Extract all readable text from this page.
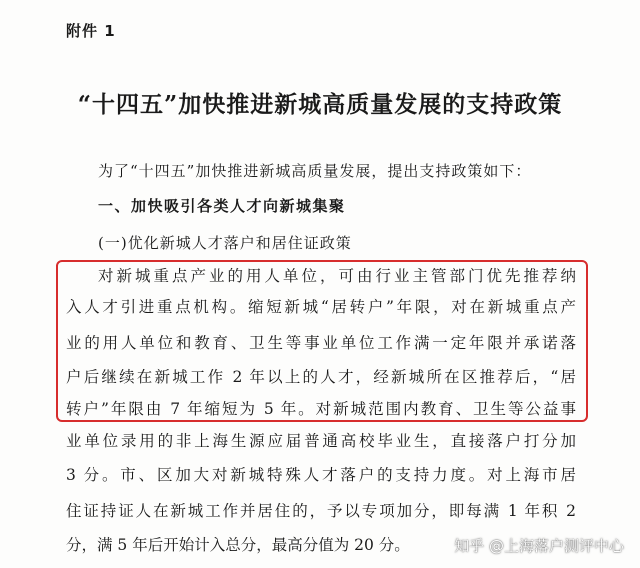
附件 1
“十四五”加快推进新城高质量发展的支持政策
为了“十四五”加快推进新城高质量发展，提出支持政策如下：
一、加快吸引各类人才向新城集聚
(一)优化新城人才落户和居住证政策
对新城重点产业的用人单位，可由行业主管部门优先推荐纳
入人才引进重点机构。缩短新城“居转户”年限，对在新城重点产
业的用人单位和教育、卫生等事业单位工作满一定年限并承诺落
户后继续在新城工作 2 年以上的人才，经新城所在区推荐后，“居
转户”年限由 7 年缩短为 5 年。对新城范围内教育、卫生等公益事
业单位录用的非上海生源应届普通高校毕业生，直接落户打分加
3 分。市、区加大对新城特殊人才落户的支持力度。对上海市居
住证持证人在新城工作并居住的，予以专项加分，即每满 1 年积 2
分，满 5 年后开始计入总分，最高分值为 20 分。	知乎 @上海落户测评中心
